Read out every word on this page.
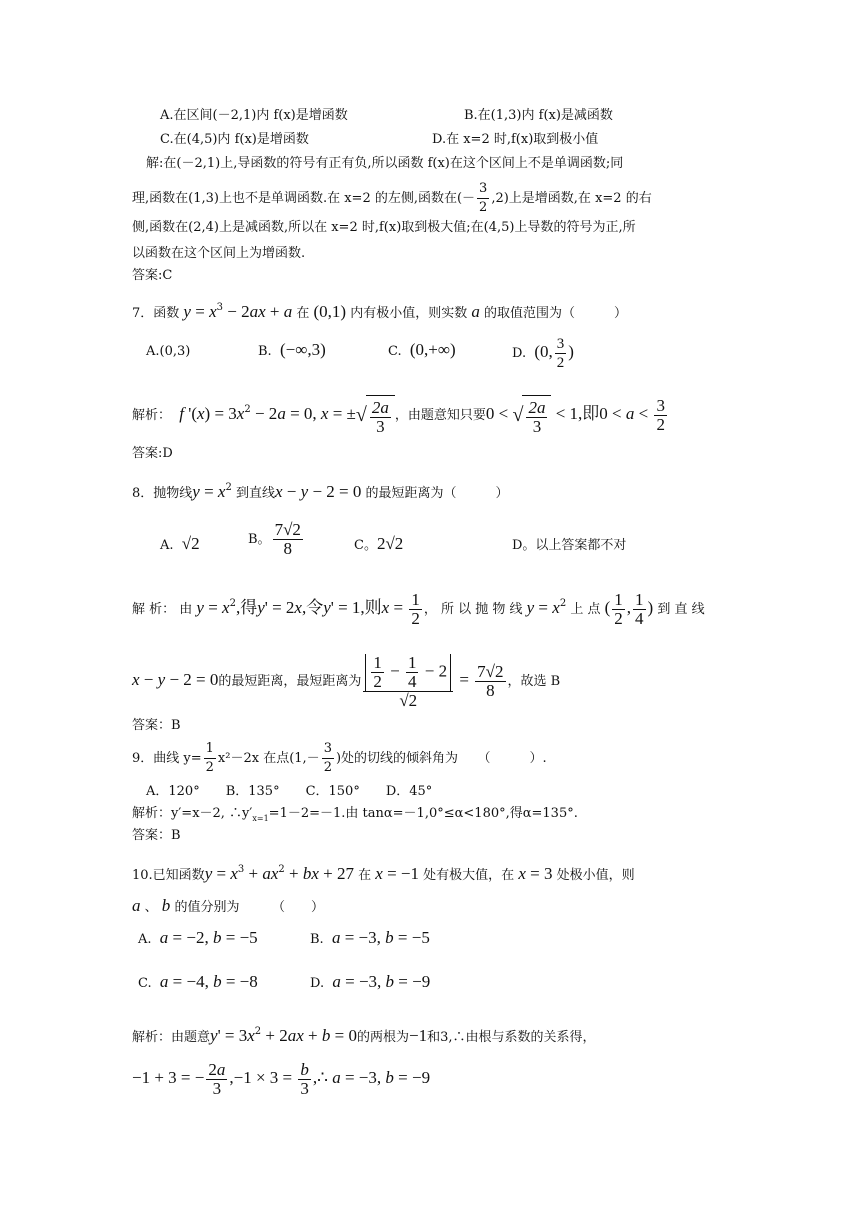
A.在区间(－2,1)内 f(x)是增函数	B.在(1,3)内 f(x)是减函数
C.在(4,5)内 f(x)是增函数	D.在 x=2 时,f(x)取到极小值
解:在(－2,1)上,导函数的符号有正有负,所以函数 f(x)在这个区间上不是单调函数;同
理,函数在(1,3)上也不是单调函数.在 x=2 的左侧,函数在(－ $\frac{3}{2} ,2$)上是增函数,在 x=2 的右
侧,函数在(2,4)上是减函数,所以在 x=2 时,f(x)取到极大值;在(4,5)上导数的符号为正,所
以函数在这个区间上为增函数.
答案:C
7．函数 $y = x^3 - 2ax + a$ 在 (0,1) 内有极小值，则实数 a 的取值范围为（　　　）
A.(0,3)	B. (−∞,3)	C. (0,+∞)	D. (0, $\frac{3}{2}$ )
解析： f '$(x) = 3x^2 - 2a = 0$, x = ±√ $\frac{2a}{3}$ ，由题意知只要0 < √ $\frac{2a}{3} < 1$,即$0 < a < \frac{3}{2}$
答案:D
8．抛物线$y = x^2$ 到直线x − y − 2 = 0 的最短距离为（　　　）
A. √2	B。 $\frac{7√2}{8}$	C。2√2	D。以上答案都不对
解 析： 由 $y = x^2$,得y' = 2x,令y' = 1,则$x = \frac{1}{2}$ ， 所 以 抛 物 线 $y = x^2$ 上 点 ( $\frac{1}{2}$ , $\frac{1}{4}$ ) 到 直 线
x − y − 2 = 0的最短距离，最短距离为 $\frac{\frac{1}{2} - \frac{1}{4} - 2}{√2} = \frac{7√2}{8}$ ，故选 B
答案：B
9．曲线 $y= \frac{1}{2} x^2-2x$ 在点($1,- \frac{3}{2}$ )处的切线的倾斜角为　　（　　　）.
A．120°　　B．135°　　C．150°　　D．45°
解析：y′=x－2, $\therefore y'_{x=1}=1-2=-1$.由 tanα=－1,0°≤α<180°,得α=135°.
答案：B
10.已知函数$y = x^3 + ax^2$ + bx + 27 在 x = −1 处有极大值，在 x = 3 处极小值，则
a 、 b 的值分别为　　　（　　）
A. a = −2, b = −5	B. a = −3, b = −5
C. a = −4, b = −8	D. a = −3, b = −9
解析：由题意$y' = 3x^2 + 2ax + b = 0$的两根为−1和3,∴由根与系数的关系得，
−1 + 3 = − $\frac{2a}{3} ,-1 \times 3 = \frac{b}{3}$ ,∴ a = −3, b = −9
